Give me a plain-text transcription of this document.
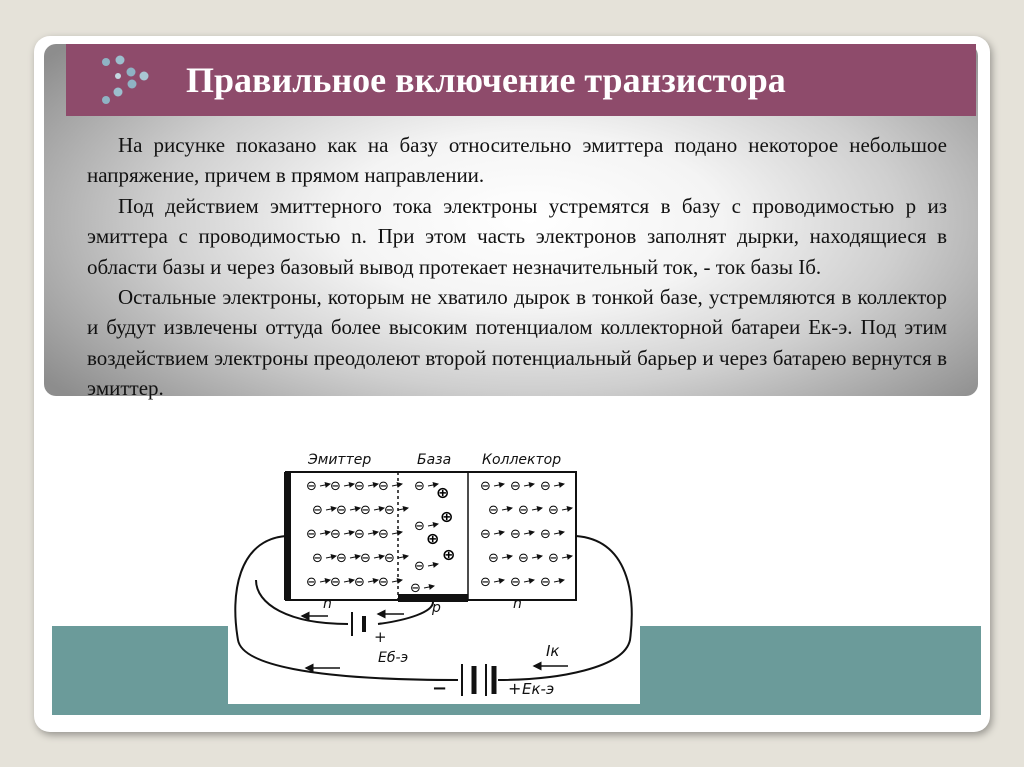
Правильное включение транзистора

На рисунке показано как на базу относительно эмиттера подано некоторое небольшое напряжение, причем в прямом направлении.

Под действием эмиттерного тока электроны устремятся в базу с проводимостью р из эмиттера с проводимостью n. При этом часть электронов заполнят дырки, находящиеся в области базы и через базовый вывод протекает незначительный ток, - ток базы Iб.

Остальные электроны, которым не хватило дырок в тонкой базе, устремляются в коллектор и будут извлечены оттуда более высоким потенциалом коллекторной батареи Ек-э. Под этим воздействием электроны преодолеют второй потенциальный барьер и через батарею вернутся в эмиттер.

Эмиттер	База Коллектор
⊖ ⊖ ⊖ ⊖	⊖ ⊖ ⊖
⊖ ⊖ ⊖ ⊖	⊖ ⊖ ⊖
⊖ ⊖ ⊖ ⊖	⊖ ⊖ ⊖
⊖ ⊖ ⊖ ⊖	⊖ ⊖ ⊖
⊖ ⊖ ⊖ ⊖	⊖ ⊖ ⊖
⊖
⊖
⊖
⊖
⊕
⊕
⊕
⊕
n	p	n
+
Еб-э
−	+ Ек-э
Iк
